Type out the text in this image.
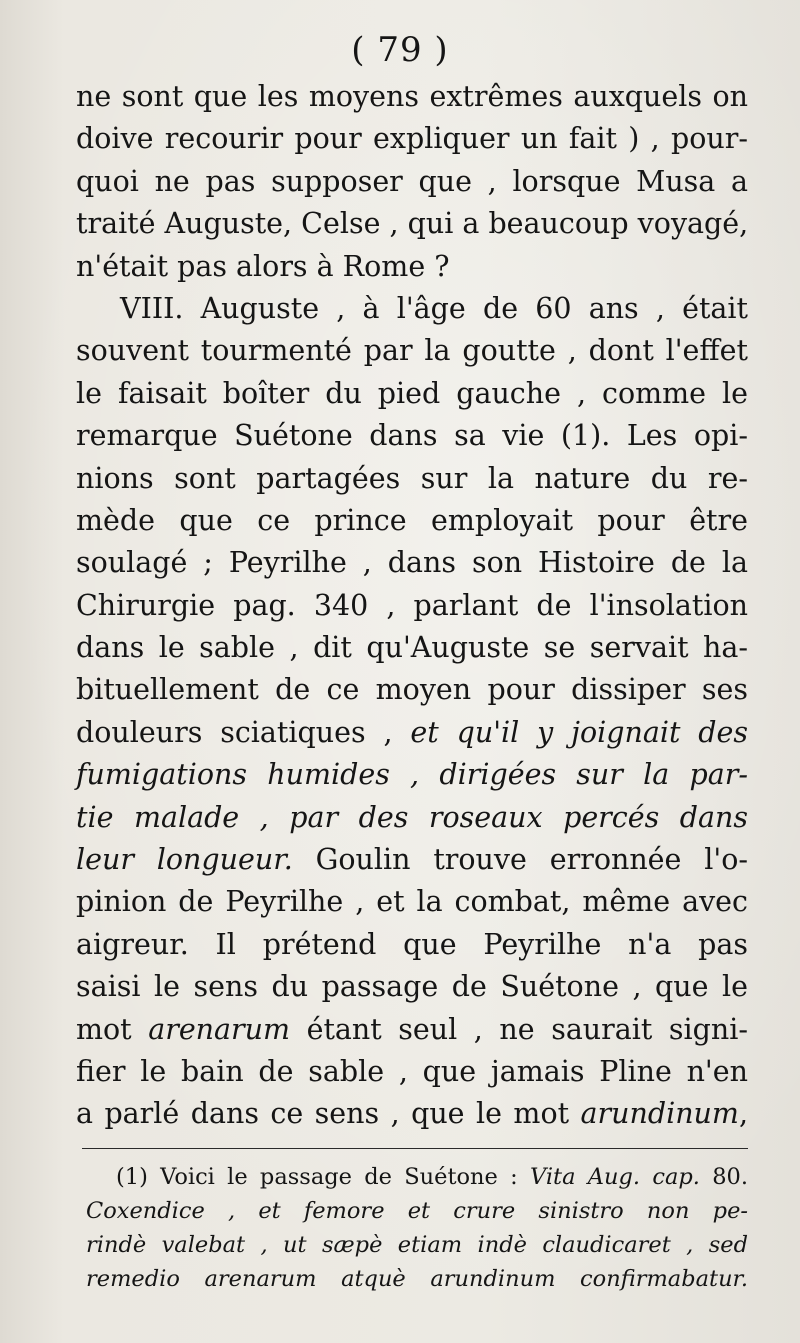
( 79 )
ne sont que les moyens extrêmes auxquels on
doive recourir pour expliquer un fait ) , pour-
quoi ne pas supposer que , lorsque Musa a
traité Auguste, Celse , qui a beaucoup voyagé,
n'était pas alors à Rome ?
VIII. Auguste , à l'âge de 60 ans , était
souvent tourmenté par la goutte , dont l'effet
le faisait boîter du pied gauche , comme le
remarque Suétone dans sa vie (1). Les opi-
nions sont partagées sur la nature du re-
mède que ce prince employait pour être
soulagé ; Peyrilhe , dans son Histoire de la
Chirurgie pag. 340 , parlant de l'insolation
dans le sable , dit qu'Auguste se servait ha-
bituellement de ce moyen pour dissiper ses
douleurs sciatiques , et qu'il y joignait des
fumigations humides , dirigées sur la par-
tie malade , par des roseaux percés dans
leur longueur. Goulin trouve erronnée l'o-
pinion de Peyrilhe , et la combat, même avec
aigreur. Il prétend que Peyrilhe n'a pas
saisi le sens du passage de Suétone , que le
mot arenarum étant seul , ne saurait signi-
fier le bain de sable , que jamais Pline n'en
a parlé dans ce sens , que le mot arundinum,
(1) Voici le passage de Suétone : Vita Aug. cap. 80.
Coxendice , et femore et crure sinistro non pe-
rindè valebat , ut sæpè etiam indè claudicaret , sed
remedio arenarum atquè arundinum confirmabatur.
